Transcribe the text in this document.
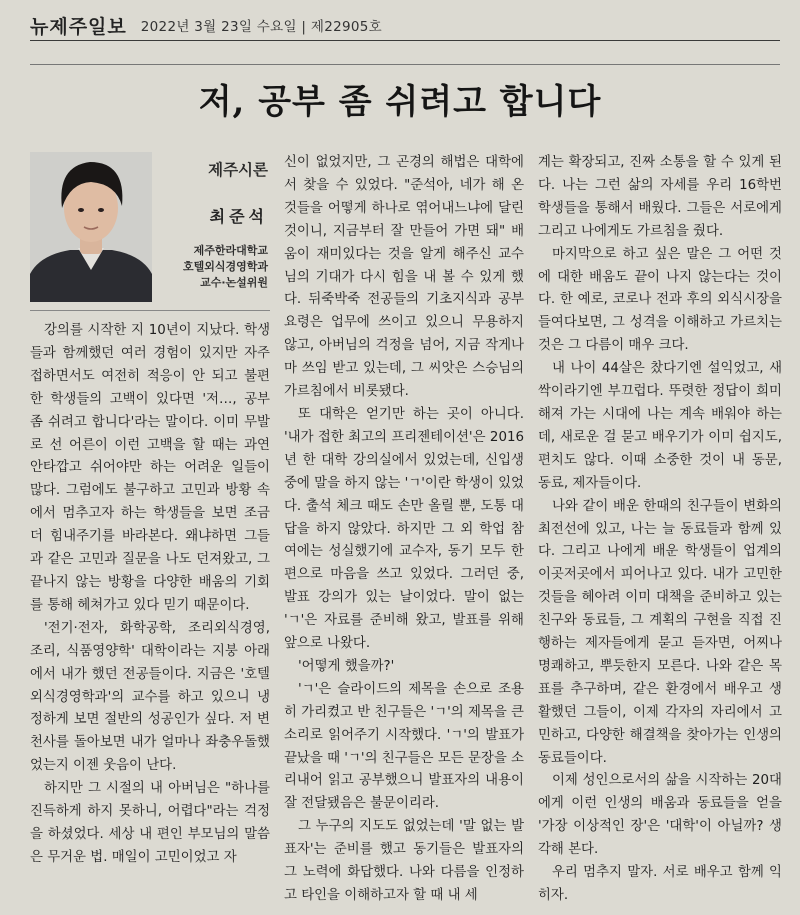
뉴제주일보 2022년 3월 23일 수요일 | 제22905호
저, 공부 좀 쉬려고 합니다
제주시론
최준석
제주한라대학교
호텔외식경영학과
교수·논설위원

강의를 시작한 지 10년이 지났다. 학생들과 함께했던 여러 경험이 있지만 자주 접하면서도 여전히 적응이 안 되고 불편한 학생들의 고백이 있다면 '저…, 공부 좀 쉬려고 합니다'라는 말이다. 이미 무발로 선 어른이 이런 고백을 할 때는 과연 안타깝고 쉬어야만 하는 어려운 일들이 많다. 그럼에도 불구하고 고민과 방황 속에서 멈추고자 하는 학생들을 보면 조금 더 힘내주기를 바라본다. 왜냐하면 그들과 같은 고민과 질문을 나도 던져왔고, 그 끝나지 않는 방황을 다양한 배움의 기회를 통해 헤쳐가고 있다 믿기 때문이다.

'전기·전자, 화학공학, 조리외식경영, 조리, 식품영양학' 대학이라는 지붕 아래에서 내가 했던 전공들이다. 지금은 '호텔외식경영학과'의 교수를 하고 있으니 냉정하게 보면 절반의 성공인가 싶다. 저 변천사를 돌아보면 내가 얼마나 좌충우돌했었는지 이젠 웃음이 난다.

하지만 그 시절의 내 아버님은 "하나를 진득하게 하지 못하니, 어렵다"라는 걱정을 하셨었다. 세상 내 편인 부모님의 말씀은 무거운 법. 매일이 고민이었고 자

신이 없었지만, 그 곤경의 해법은 대학에서 찾을 수 있었다. "준석아, 네가 해 온 것들을 어떻게 하나로 엮어내느냐에 달린 것이니, 지금부터 잘 만들어 가면 돼" 배움이 재미있다는 것을 알게 해주신 교수님의 기대가 다시 힘을 내 볼 수 있게 했다. 뒤죽박죽 전공들의 기초지식과 공부 요령은 업무에 쓰이고 있으니 무용하지 않고, 아버님의 걱정을 넘어, 지금 작게나마 쓰임 받고 있는데, 그 씨앗은 스승님의 가르침에서 비롯됐다.

또 대학은 얻기만 하는 곳이 아니다. '내가 접한 최고의 프리젠테이션'은 2016년 한 대학 강의실에서 있었는데, 신입생 중에 말을 하지 않는 'ㄱ'이란 학생이 있었다. 출석 체크 때도 손만 올릴 뿐, 도통 대답을 하지 않았다. 하지만 그 외 학업 참여에는 성실했기에 교수자, 동기 모두 한편으로 마음을 쓰고 있었다. 그러던 중, 발표 강의가 있는 날이었다. 말이 없는 'ㄱ'은 자료를 준비해 왔고, 발표를 위해 앞으로 나왔다.

'어떻게 했을까?'

'ㄱ'은 슬라이드의 제목을 손으로 조용히 가리켰고 반 친구들은 'ㄱ'의 제목을 큰소리로 읽어주기 시작했다. 'ㄱ'의 발표가 끝났을 때 'ㄱ'의 친구들은 모든 문장을 소리내어 읽고 공부했으니 발표자의 내용이 잘 전달됐음은 불문이리라.

그 누구의 지도도 없었는데 '말 없는 발표자'는 준비를 했고 동기들은 발표자의 그 노력에 화답했다. 나와 다름을 인정하고 타인을 이해하고자 할 때 내 세

계는 확장되고, 진짜 소통을 할 수 있게 된다. 나는 그런 삶의 자세를 우리 16학번 학생들을 통해서 배웠다. 그들은 서로에게 그리고 나에게도 가르침을 줬다.

마지막으로 하고 싶은 말은 그 어떤 것에 대한 배움도 끝이 나지 않는다는 것이다. 한 예로, 코로나 전과 후의 외식시장을 들여다보면, 그 성격을 이해하고 가르치는 것은 그 다름이 매우 크다.

내 나이 44살은 찼다기엔 설익었고, 새싹이라기엔 부끄럽다. 뚜렷한 정답이 희미해져 가는 시대에 나는 계속 배워야 하는데, 새로운 걸 묻고 배우기가 이미 쉽지도, 편치도 않다. 이때 소중한 것이 내 동문, 동료, 제자들이다.

나와 같이 배운 한때의 친구들이 변화의 최전선에 있고, 나는 늘 동료들과 함께 있다. 그리고 나에게 배운 학생들이 업계의 이곳저곳에서 피어나고 있다. 내가 고민한 것들을 헤아려 이미 대책을 준비하고 있는 친구와 동료들, 그 계획의 구현을 직접 진행하는 제자들에게 묻고 듣자면, 어찌나 명쾌하고, 뿌듯한지 모른다. 나와 같은 목표를 추구하며, 같은 환경에서 배우고 생활했던 그들이, 이제 각자의 자리에서 고민하고, 다양한 해결책을 찾아가는 인생의 동료들이다.

이제 성인으로서의 삶을 시작하는 20대에게 이런 인생의 배움과 동료들을 얻을 '가장 이상적인 장'은 '대학'이 아닐까? 생각해 본다.

우리 멈추지 말자. 서로 배우고 함께 익히자.
